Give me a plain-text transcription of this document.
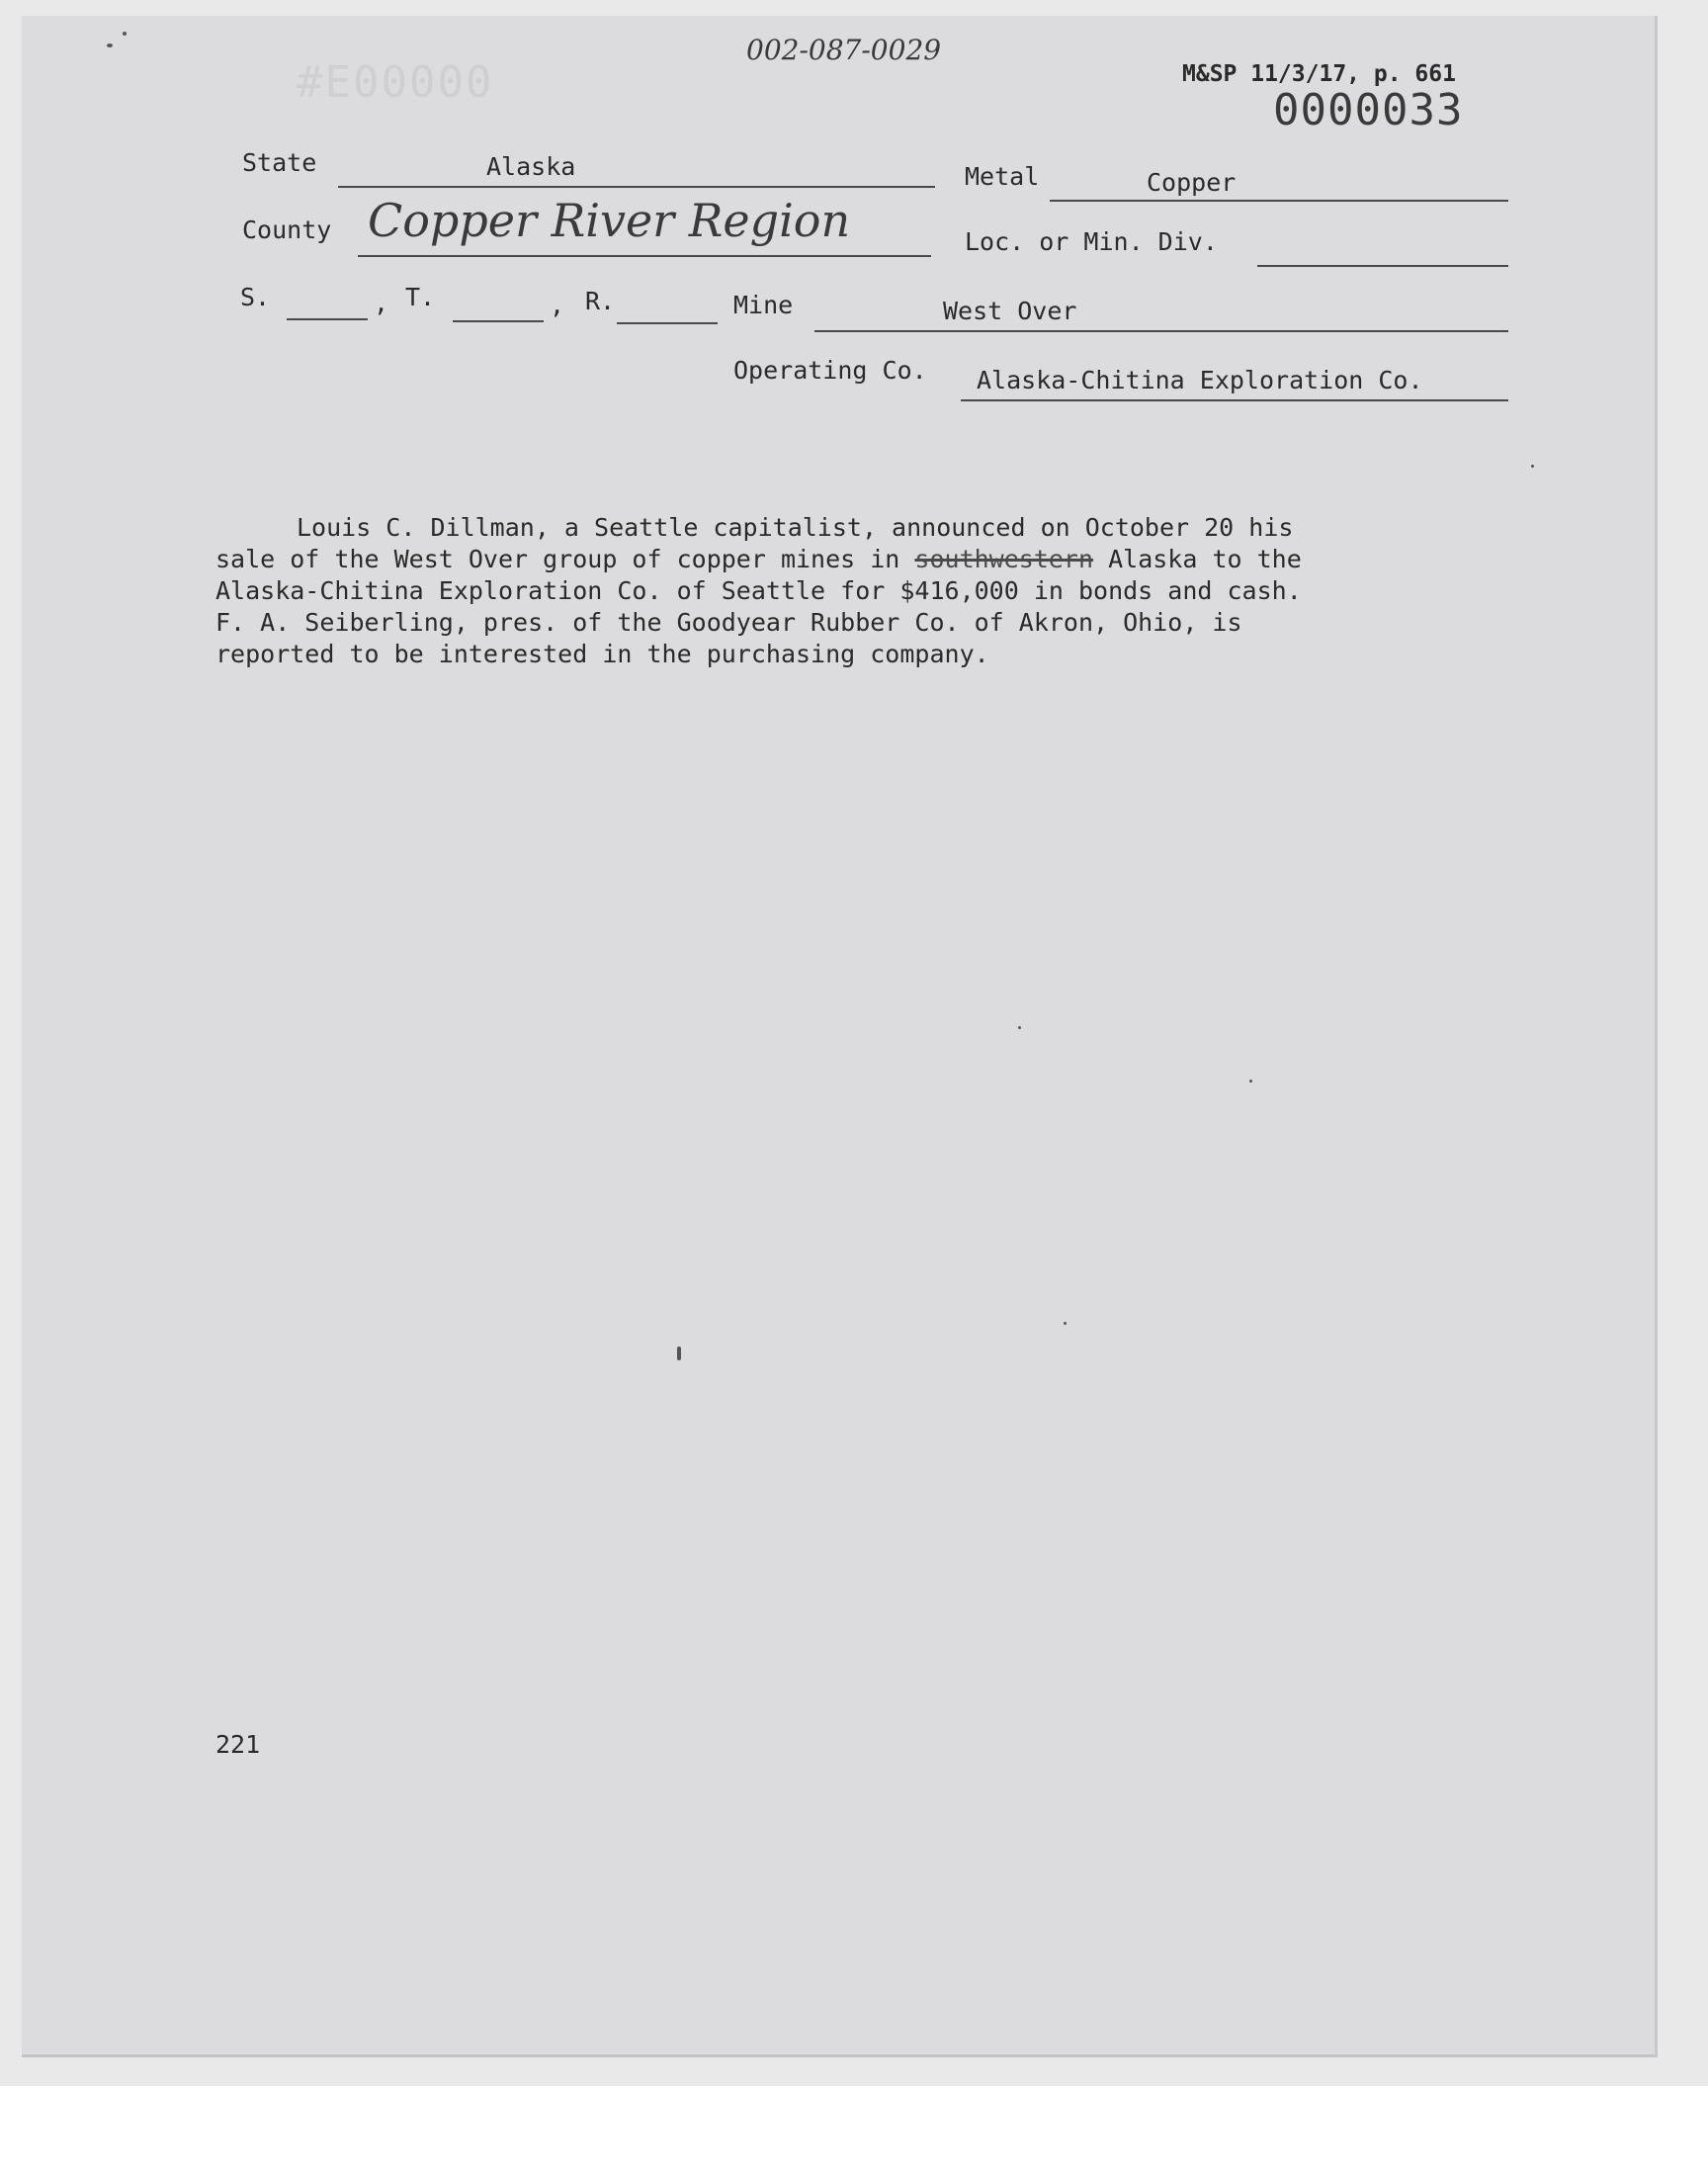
002-087-0029
#E00000	M&SP 11/3/17, p. 661
0000033
State	Alaska	Metal	Copper
County Copper River Region	Loc. or Min. Div.
S.	, T.	, R.	Mine	West Over
Operating Co. Alaska-Chitina Exploration Co.
Louis C. Dillman, a Seattle capitalist, announced on October 20 his
sale of the West Over group of copper mines in southwestern Alaska to the
Alaska-Chitina Exploration Co. of Seattle for $416,000 in bonds and cash.
F. A. Seiberling, pres. of the Goodyear Rubber Co. of Akron, Ohio, is
reported to be interested in the purchasing company.
221
